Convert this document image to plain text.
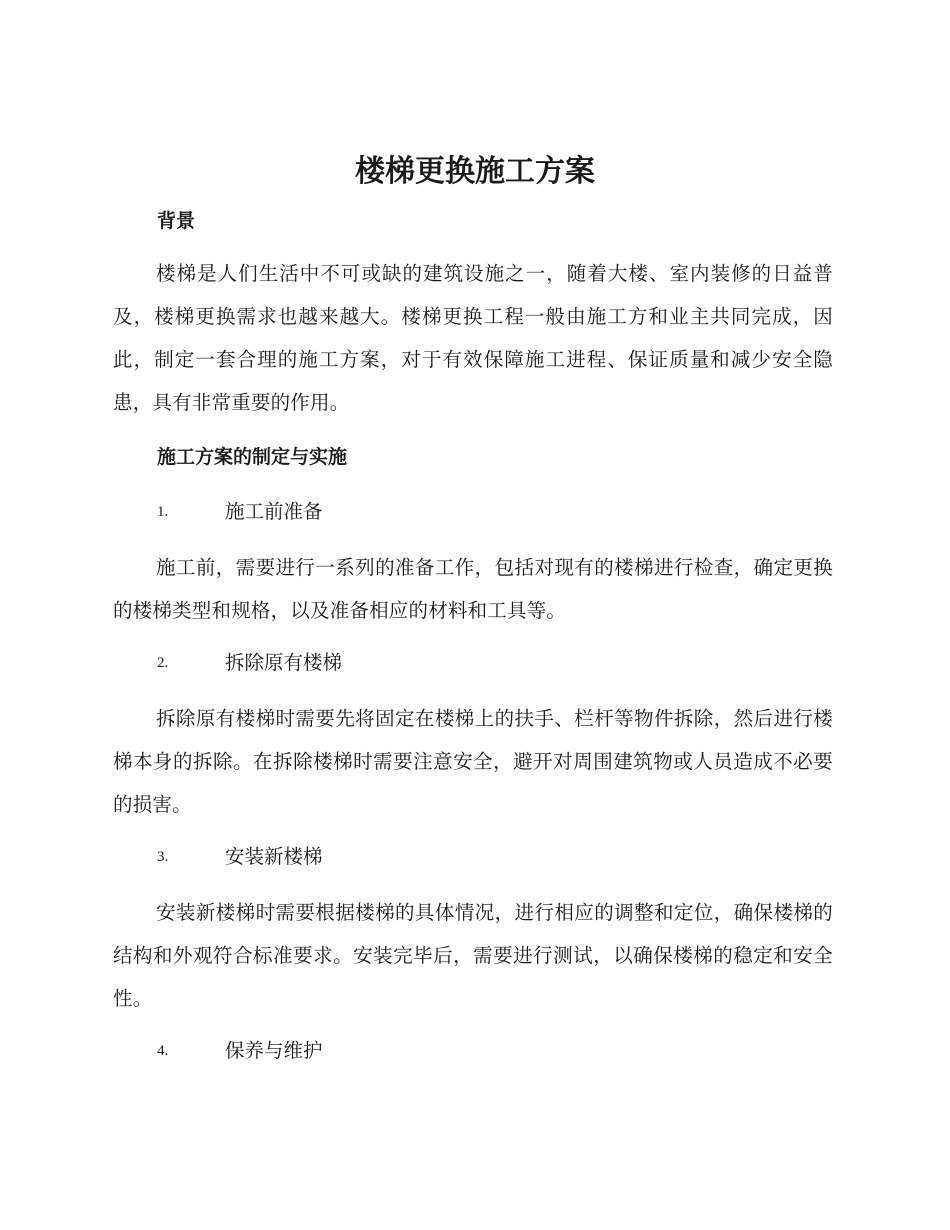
楼梯更换施工方案
背景

楼梯是人们生活中不可或缺的建筑设施之一，随着大楼、室内装修的日益普及，楼梯更换需求也越来越大。楼梯更换工程一般由施工方和业主共同完成，因此，制定一套合理的施工方案，对于有效保障施工进程、保证质量和减少安全隐患，具有非常重要的作用。

施工方案的制定与实施
1.	施工前准备

施工前，需要进行一系列的准备工作，包括对现有的楼梯进行检查，确定更换的楼梯类型和规格，以及准备相应的材料和工具等。

2.	拆除原有楼梯

拆除原有楼梯时需要先将固定在楼梯上的扶手、栏杆等物件拆除，然后进行楼梯本身的拆除。在拆除楼梯时需要注意安全，避开对周围建筑物或人员造成不必要的损害。

3.	安装新楼梯

安装新楼梯时需要根据楼梯的具体情况，进行相应的调整和定位，确保楼梯的结构和外观符合标准要求。安装完毕后，需要进行测试，以确保楼梯的稳定和安全性。

4.	保养与维护
